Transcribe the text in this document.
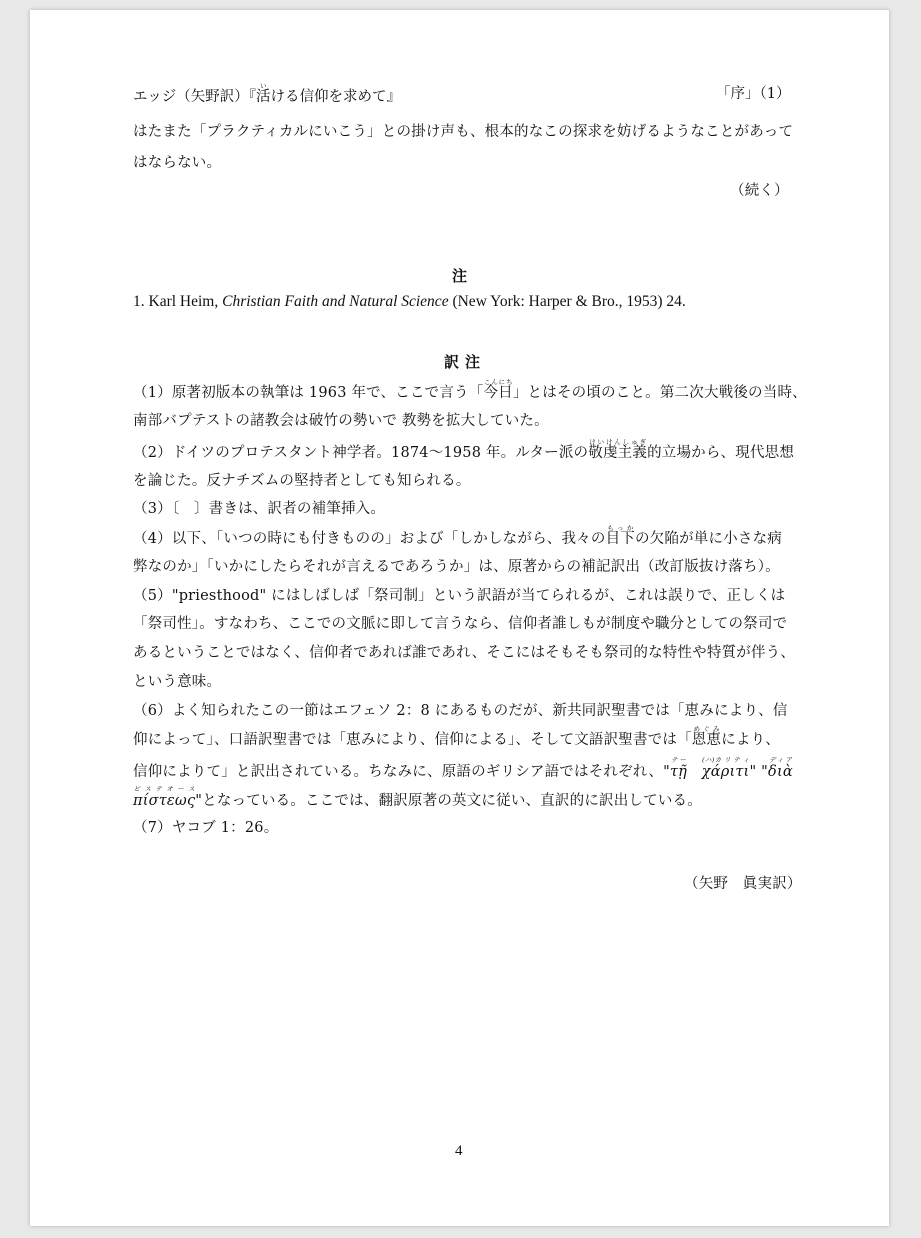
エッジ（矢野訳）『活いける信仰を求めて』	「序」（1）
はたまた「プラクティカルにいこう」との掛け声も、根本的なこの探求を妨げるようなことがあって
はならない。
（続く）
注
1. Karl Heim, Christian Faith and Natural Science (New York: Harper & Bro., 1953) 24.
訳注
（1）原著初版本の執筆は 1963 年で、ここで言う「今日こんにち」とはその頃のこと。第二次大戦後の当時、
南部バプテストの諸教会は破竹の勢いで 教勢を拡大していた。
（2）ドイツのプロテスタント神学者。1874〜1958 年。ルター派の敬虔主義けいけんしゅぎ的立場から、現代思想
を論じた。反ナチズムの堅持者としても知られる。
（3）〔　〕書きは、訳者の補筆挿入。
（4）以下、「いつの時にも付きものの」および「しかしながら、我々の目下もっかの欠陥が単に小さな病
弊なのか」「いかにしたらそれが言えるであろうか」は、原著からの補記訳出（改訂版抜け落ち）。
（5）"priesthood" にはしばしば「祭司制」という訳語が当てられるが、これは誤りで、正しくは
「祭司性」。すなわち、ここでの文脈に即して言うなら、信仰者誰しもが制度や職分としての祭司で
あるということではなく、信仰者であれば誰であれ、そこにはそもそも祭司的な特性や特質が伴う、
という意味。
（6）よく知られたこの一節はエフェソ 2：8 にあるものだが、新共同訳聖書では「恵みにより、信
仰によって」、口語訳聖書では「恵みにより、信仰による」、そして文語訳聖書では「恩恵めぐみにより、
信仰によりて」と訳出されている。ちなみに、原語のギリシア語ではそれぞれ、"τῇテー　χάριτι(ハ)カ リ テ ィ" "διὰディア
πίστεωςピ ス テ オ ー ス"となっている。ここでは、翻訳原著の英文に従い、直訳的に訳出している。
（7）ヤコブ 1：26。
（矢野　眞実訳）
4
